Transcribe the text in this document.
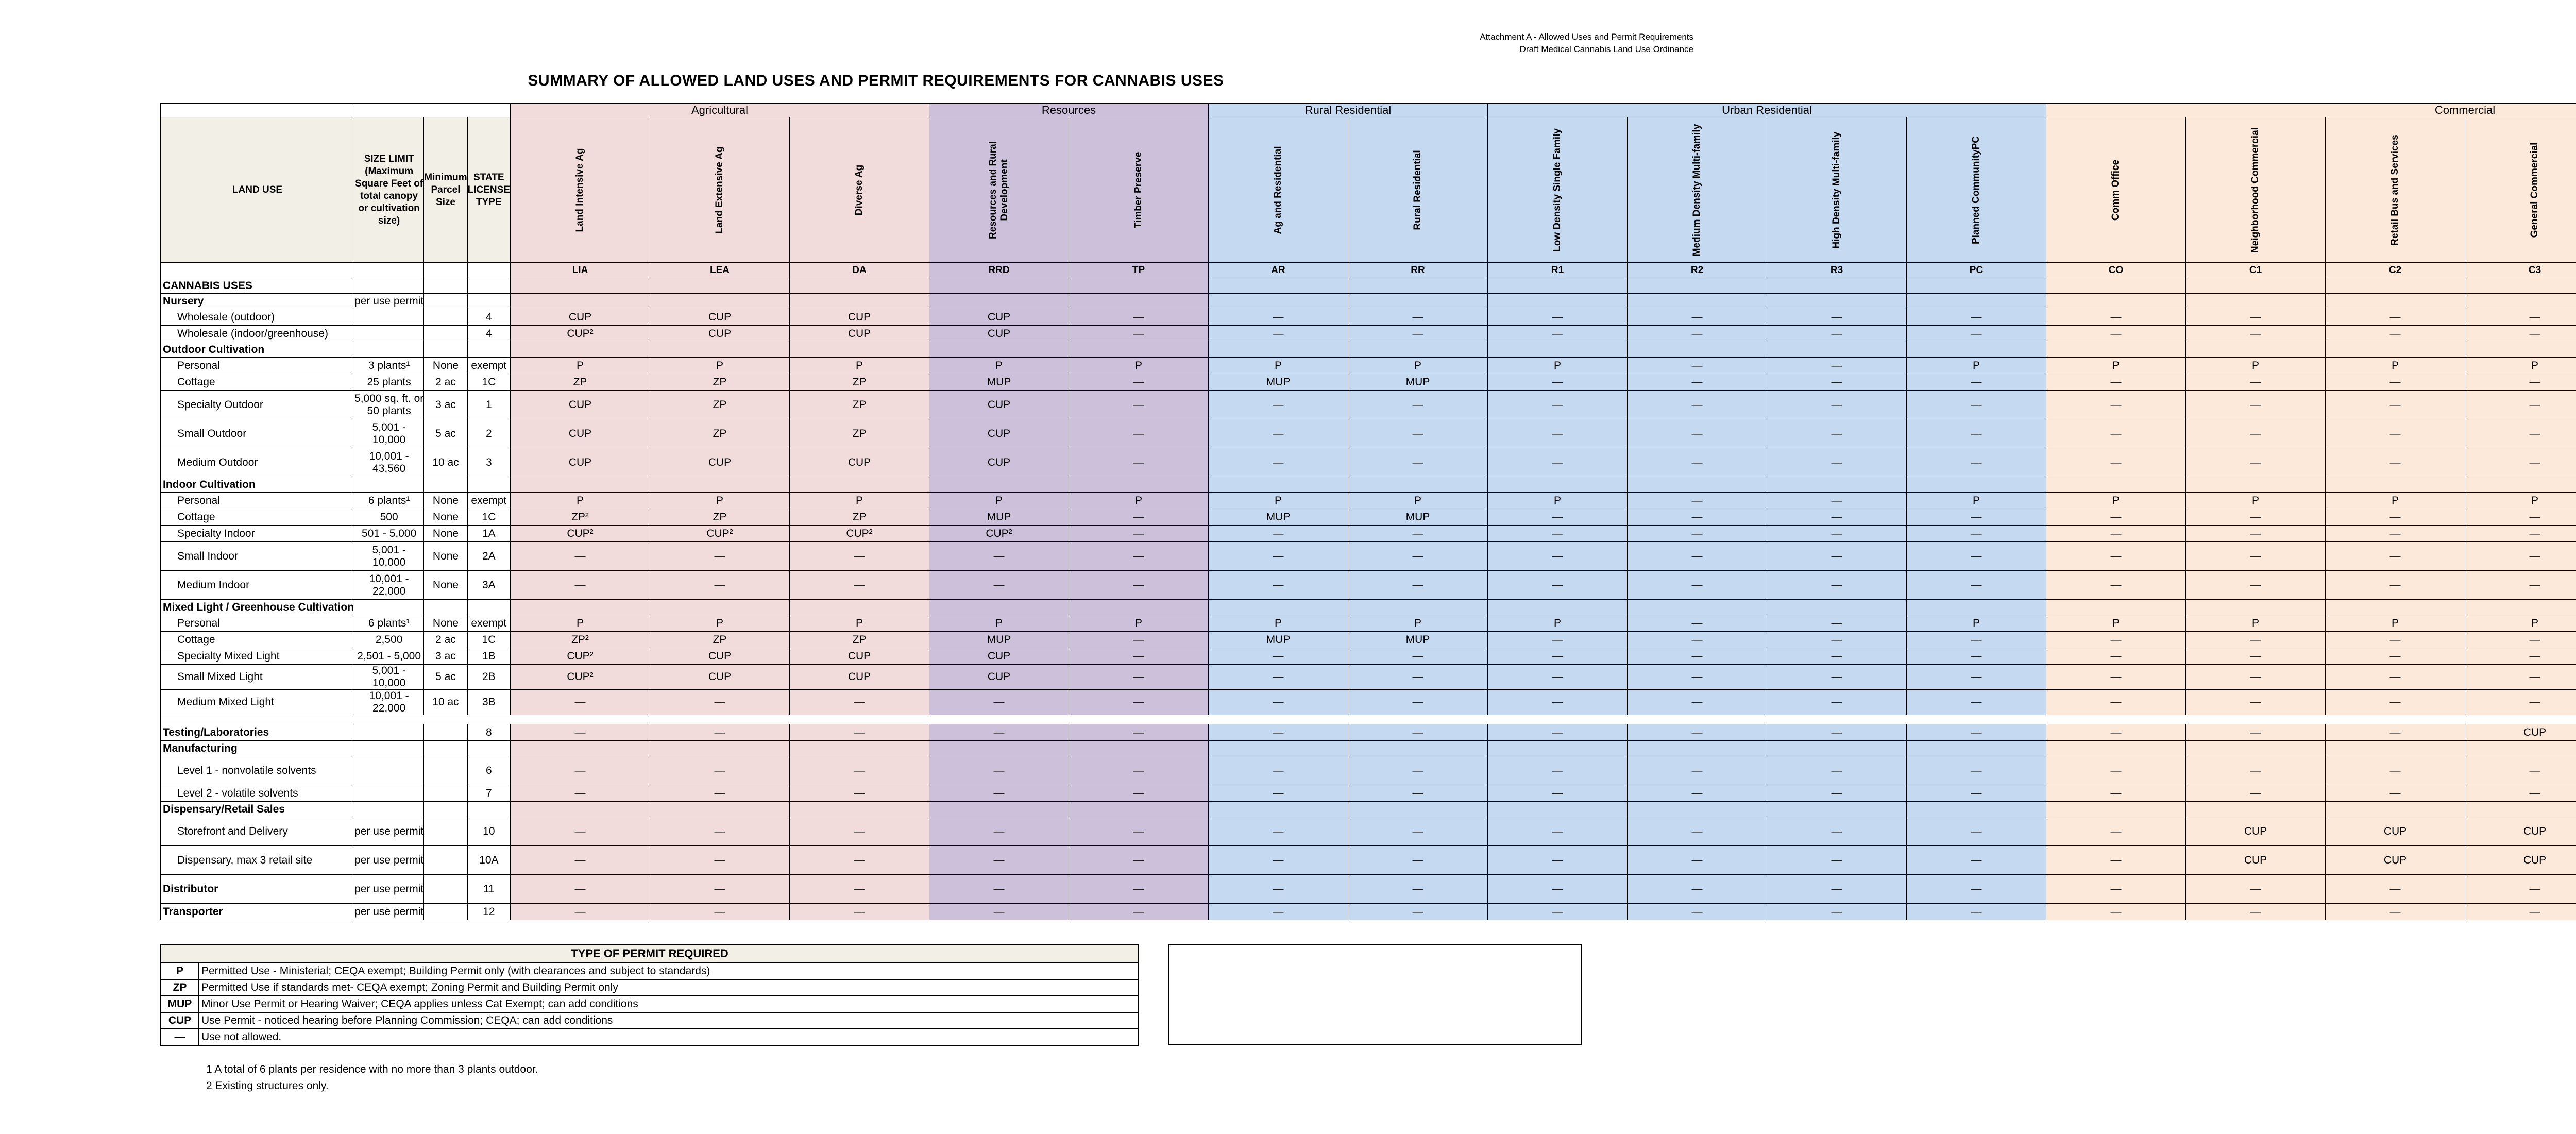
Attachment A - Allowed Uses and Permit Requirements
Draft Medical Cannabis Land Use Ordinance
SUMMARY OF ALLOWED LAND USES AND PERMIT REQUIREMENTS FOR CANNABIS USES
				Agricultural			Resources		Rural Residential		Urban Residential				Commercial			
LAND USE	SIZE LIMIT (Maximum Square Feet of total canopy or cultivation size)	Minimum Parcel Size	STATE LICENSE TYPE	Land Intensive Ag	Land Extensive Ag	Diverse Ag	Resources and Rural Development	Timber Preserve	Ag and Residential	Rural Residential	Low Density Single Family	Medium Density Multi-family	High Density Multi-family	Planned CommunityPC	Comm Office	Neighborhood Commercial	Retail Bus and Services	General Commercial

				LIA	LEA	DA	RRD	TP	AR	RR	R1	R2	R3	PC	CO	C1	C2	C3									
CANNABIS USES																											
Nursery	per use permit																										
Wholesale (outdoor)			4	CUP	CUP	CUP	CUP	—	—	—	—	—	—	—	—	—	—	—									
Wholesale (indoor/greenhouse)			4	CUP²	CUP	CUP	CUP	—	—	—	—	—	—	—	—	—	—	—									
Outdoor Cultivation																											
Personal	3 plants¹	None	exempt	P	P	P	P	P	P	P	P	—	—	P	P	P	P	P									
Cottage	25 plants	2 ac	1C	ZP	ZP	ZP	MUP	—	MUP	MUP	—	—	—	—	—	—	—	—									
Specialty Outdoor	5,000 sq. ft. or 50 plants	3 ac	1	CUP	ZP	ZP	CUP	—	—	—	—	—	—	—	—	—	—	—									
Small Outdoor	5,001 - 10,000	5 ac	2	CUP	ZP	ZP	CUP	—	—	—	—	—	—	—	—	—	—	—									
Medium Outdoor	10,001 - 43,560	10 ac	3	CUP	CUP	CUP	CUP	—	—	—	—	—	—	—	—	—	—	—									
Indoor Cultivation																											
Personal	6 plants¹	None	exempt	P	P	P	P	P	P	P	P	—	—	P	P	P	P	P									
Cottage	500	None	1C	ZP²	ZP	ZP	MUP	—	MUP	MUP	—	—	—	—	—	—	—	—									
Specialty Indoor	501 - 5,000	None	1A	CUP²	CUP²	CUP²	CUP²	—	—	—	—	—	—	—	—	—	—	—									
Small Indoor	5,001 - 10,000	None	2A	—	—	—	—	—	—	—	—	—	—	—	—	—	—	—									
Medium Indoor	10,001 - 22,000	None	3A	—	—	—	—	—	—	—	—	—	—	—	—	—	—	—									
Mixed Light / Greenhouse Cultivation																											
Personal	6 plants¹	None	exempt	P	P	P	P	P	P	P	P	—	—	P	P	P	P	P									
Cottage	2,500	2 ac	1C	ZP²	ZP	ZP	MUP	—	MUP	MUP	—	—	—	—	—	—	—	—									
Specialty Mixed Light	2,501 - 5,000	3 ac	1B	CUP²	CUP	CUP	CUP	—	—	—	—	—	—	—	—	—	—	—									
Small Mixed Light	5,001 - 10,000	5 ac	2B	CUP²	CUP	CUP	CUP	—	—	—	—	—	—	—	—	—	—	—									
Medium Mixed Light	10,001 - 22,000	10 ac	3B	—	—	—	—	—	—	—	—	—	—	—	—	—	—	—									

Testing/Laboratories			8	—	—	—	—	—	—	—	—	—	—	—	—	—	—	CUP									
Manufacturing																											
Level 1 - nonvolatile solvents			6	—	—	—	—	—	—	—	—	—	—	—	—	—	—	—									
Level 2 - volatile solvents			7	—	—	—	—	—	—	—	—	—	—	—	—	—	—	—									
Dispensary/Retail Sales																											
Storefront and Delivery	per use permit		10	—	—	—	—	—	—	—	—	—	—	—	—	CUP	CUP	CUP									
Dispensary, max 3 retail site	per use permit		10A	—	—	—	—	—	—	—	—	—	—	—	—	CUP	CUP	CUP									
Distributor	per use permit		11	—	—	—	—	—	—	—	—	—	—	—	—	—	—	—									
Transporter	per use permit		12	—	—	—	—	—	—	—	—	—	—	—	—	—	—	—									
TYPE OF PERMIT REQUIRED	
P	Permitted Use - Ministerial; CEQA exempt; Building Permit only (with clearances and subject to standards)
ZP	Permitted Use if standards met- CEQA exempt; Zoning Permit and Building Permit only
MUP	Minor Use Permit or Hearing Waiver; CEQA applies unless Cat Exempt; can add conditions
CUP	Use Permit - noticed hearing before Planning Commission; CEQA; can add conditions
—	Use not allowed.
1 A total of 6 plants per residence with no more than 3 plants outdoor.
2 Existing structures only.
